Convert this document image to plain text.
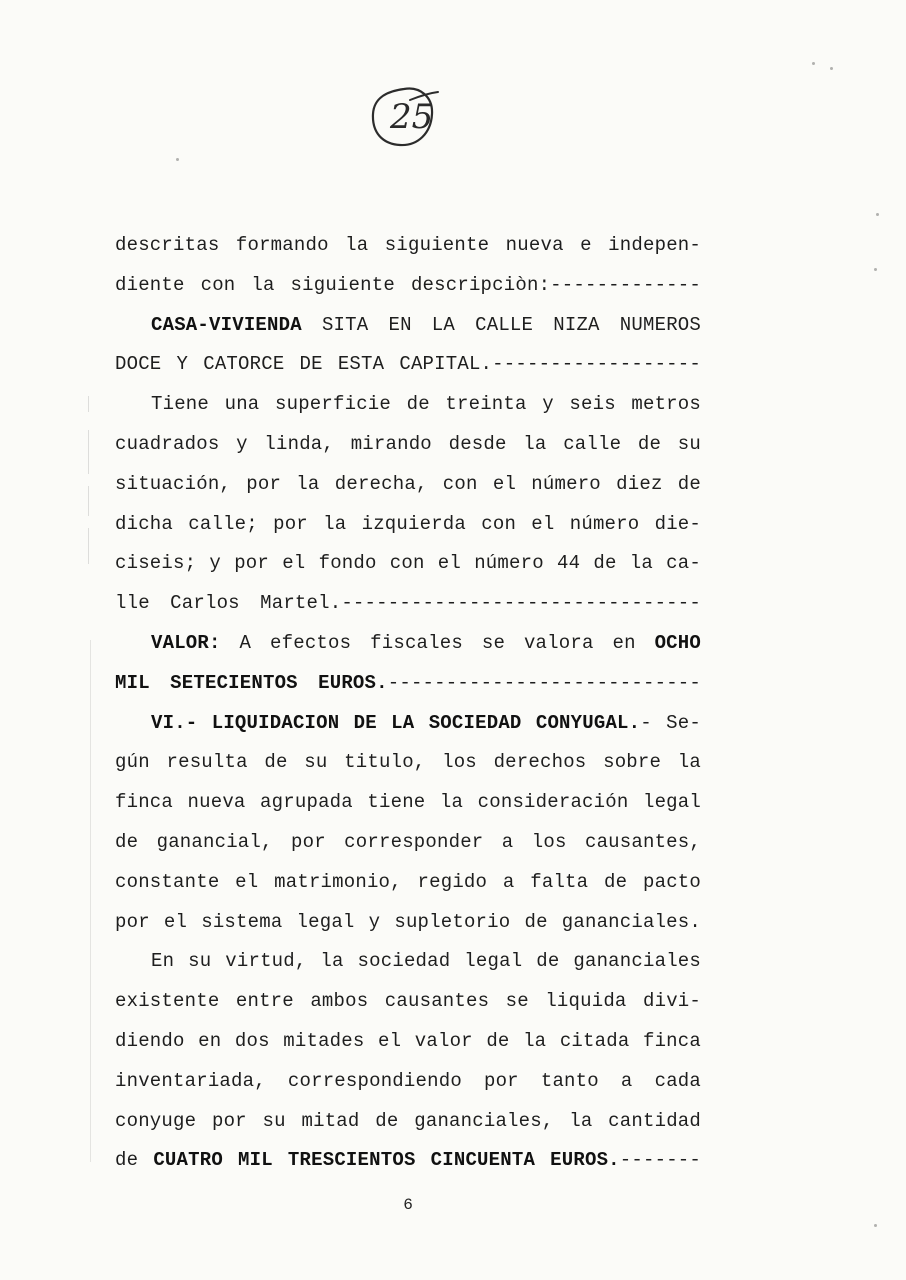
25
descritas formando la siguiente nueva e indepen-
diente con la siguiente descripciòn:-------------
CASA-VIVIENDA SITA EN LA CALLE NIZA NUMEROS
DOCE Y CATORCE DE ESTA CAPITAL.------------------
Tiene una superficie de treinta y seis metros
cuadrados y linda, mirando desde la calle de su
situación, por la derecha, con el número diez de
dicha calle; por la izquierda con el número die-
ciseis; y por el fondo con el número 44 de la ca-
lle Carlos Martel.-------------------------------
VALOR: A efectos fiscales se valora en OCHO
MIL SETECIENTOS EUROS.---------------------------
VI.- LIQUIDACION DE LA SOCIEDAD CONYUGAL.- Se-
gún resulta de su titulo, los derechos sobre la
finca nueva agrupada tiene la consideración legal
de ganancial, por corresponder a los causantes,
constante el matrimonio, regido a falta de pacto
por el sistema legal y supletorio de gananciales.
En su virtud, la sociedad legal de gananciales
existente entre ambos causantes se liquida divi-
diendo en dos mitades el valor de la citada finca
inventariada, correspondiendo por tanto a cada
conyuge por su mitad de gananciales, la cantidad
de CUATRO MIL TRESCIENTOS CINCUENTA EUROS.-------
6
